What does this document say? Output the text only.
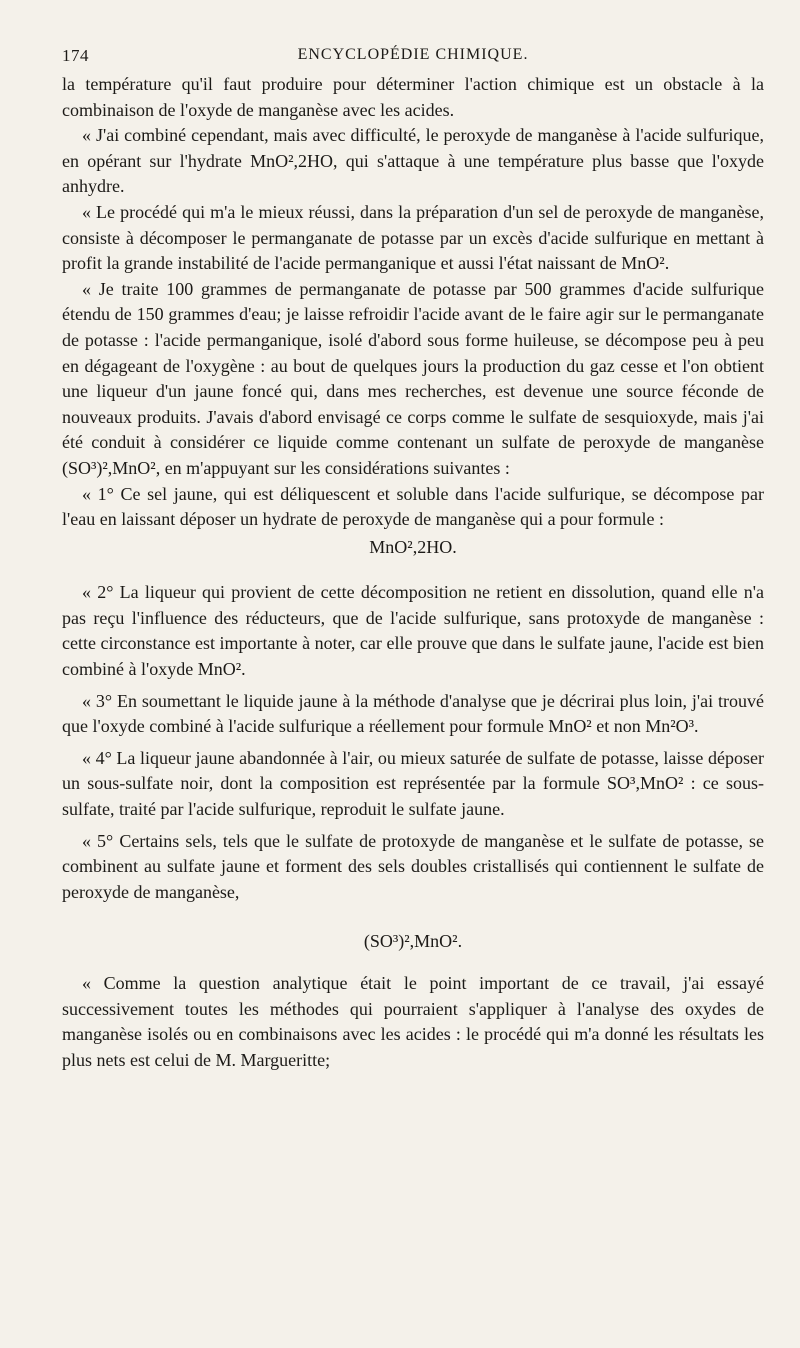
174	ENCYCLOPÉDIE CHIMIQUE.

la température qu'il faut produire pour déterminer l'action chimique est un obstacle à la combinaison de l'oxyde de manganèse avec les acides.

« J'ai combiné cependant, mais avec difficulté, le peroxyde de manganèse à l'acide sulfurique, en opérant sur l'hydrate MnO²,2HO, qui s'attaque à une température plus basse que l'oxyde anhydre.

« Le procédé qui m'a le mieux réussi, dans la préparation d'un sel de peroxyde de manganèse, consiste à décomposer le permanganate de potasse par un excès d'acide sulfurique en mettant à profit la grande instabilité de l'acide permanganique et aussi l'état naissant de MnO².

« Je traite 100 grammes de permanganate de potasse par 500 grammes d'acide sulfurique étendu de 150 grammes d'eau; je laisse refroidir l'acide avant de le faire agir sur le permanganate de potasse : l'acide permanganique, isolé d'abord sous forme huileuse, se décompose peu à peu en dégageant de l'oxygène : au bout de quelques jours la production du gaz cesse et l'on obtient une liqueur d'un jaune foncé qui, dans mes recherches, est devenue une source féconde de nouveaux produits. J'avais d'abord envisagé ce corps comme le sulfate de sesquioxyde, mais j'ai été conduit à considérer ce liquide comme contenant un sulfate de peroxyde de manganèse (SO³)²,MnO², en m'appuyant sur les considérations suivantes :

« 1° Ce sel jaune, qui est déliquescent et soluble dans l'acide sulfurique, se décompose par l'eau en laissant déposer un hydrate de peroxyde de manganèse qui a pour formule :

MnO²,2HO.

« 2° La liqueur qui provient de cette décomposition ne retient en dissolution, quand elle n'a pas reçu l'influence des réducteurs, que de l'acide sulfurique, sans protoxyde de manganèse : cette circonstance est importante à noter, car elle prouve que dans le sulfate jaune, l'acide est bien combiné à l'oxyde MnO².

« 3° En soumettant le liquide jaune à la méthode d'analyse que je décrirai plus loin, j'ai trouvé que l'oxyde combiné à l'acide sulfurique a réellement pour formule MnO² et non Mn²O³.

« 4° La liqueur jaune abandonnée à l'air, ou mieux saturée de sulfate de potasse, laisse déposer un sous-sulfate noir, dont la composition est représentée par la formule SO³,MnO² : ce sous-sulfate, traité par l'acide sulfurique, reproduit le sulfate jaune.

« 5° Certains sels, tels que le sulfate de protoxyde de manganèse et le sulfate de potasse, se combinent au sulfate jaune et forment des sels doubles cristallisés qui contiennent le sulfate de peroxyde de manganèse,

(SO³)²,MnO².

« Comme la question analytique était le point important de ce travail, j'ai essayé successivement toutes les méthodes qui pourraient s'appliquer à l'analyse des oxydes de manganèse isolés ou en combinaisons avec les acides : le procédé qui m'a donné les résultats les plus nets est celui de M. Margueritte;
